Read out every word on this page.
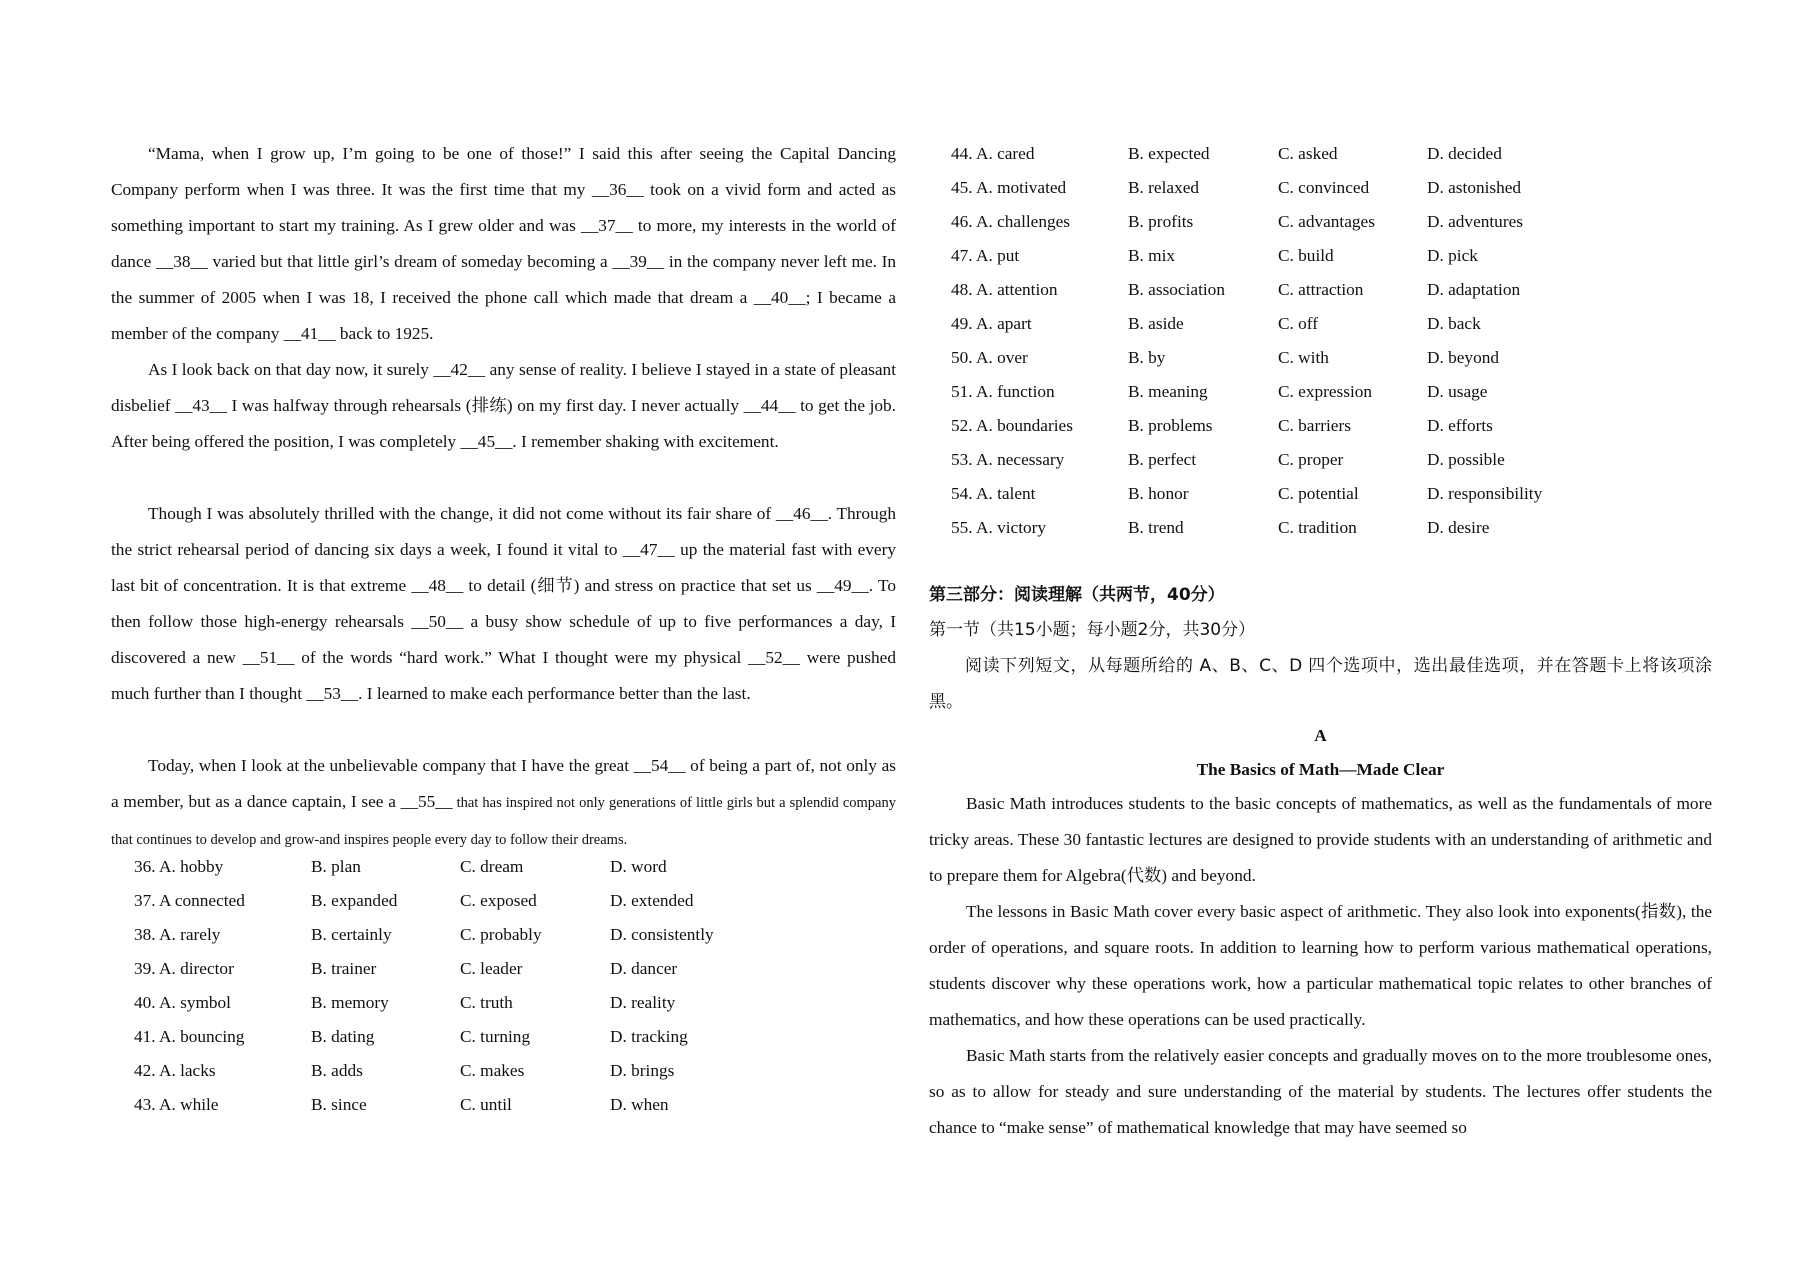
“Mama, when I grow up, I’m going to be one of those!” I said this after seeing the Capital Dancing Company perform when I was three. It was the first time that my __36__ took on a vivid form and acted as something important to start my training. As I grew older and was __37__ to more, my interests in the world of dance __38__ varied but that little girl’s dream of someday becoming a __39__ in the company never left me. In the summer of 2005 when I was 18, I received the phone call which made that dream a __40__; I became a member of the company __41__ back to 1925.

As I look back on that day now, it surely __42__ any sense of reality. I believe I stayed in a state of pleasant disbelief __43__ I was halfway through rehearsals (排练) on my first day. I never actually __44__ to get the job. After being offered the position, I was completely __45__. I remember shaking with excitement.

Though I was absolutely thrilled with the change, it did not come without its fair share of __46__. Through the strict rehearsal period of dancing six days a week, I found it vital to __47__ up the material fast with every last bit of concentration. It is that extreme __48__ to detail (细节) and stress on practice that set us __49__. To then follow those high-energy rehearsals __50__ a busy show schedule of up to five performances a day, I discovered a new __51__ of the words “hard work.” What I thought were my physical __52__ were pushed much further than I thought __53__. I learned to make each performance better than the last.

Today, when I look at the unbelievable company that I have the great __54__ of being a part of, not only as a member, but as a dance captain, I see a __55__ that has inspired not only generations of little girls but a splendid company that continues to develop and grow-and inspires people every day to follow their dreams.

36. A. hobby	B. plan	C. dream	D. word
37. A connected	B. expanded	C. exposed	D. extended
38. A. rarely	B. certainly	C. probably	D. consistently
39. A. director	B. trainer	C. leader	D. dancer
40. A. symbol	B. memory	C. truth	D. reality
41. A. bouncing	B. dating	C. turning	D. tracking
42. A. lacks	B. adds	C. makes	D. brings
43. A. while	B. since	C. until	D. when
44. A. cared	B. expected	C. asked	D. decided
45. A. motivated	B. relaxed	C. convinced	D. astonished
46. A. challenges	B. profits	C. advantages	D. adventures
47. A. put	B. mix	C. build	D. pick
48. A. attention	B. association	C. attraction	D. adaptation
49. A. apart	B. aside	C. off	D. back
50. A. over	B. by	C. with	D. beyond
51. A. function	B. meaning	C. expression	D. usage
52. A. boundaries	B. problems	C. barriers	D. efforts
53. A. necessary	B. perfect	C. proper	D. possible
54. A. talent	B. honor	C. potential	D. responsibility
55. A. victory	B. trend	C. tradition	D. desire
第三部分：阅读理解（共两节，40分）
第一节（共15小题；每小题2分，共30分）

阅读下列短文，从每题所给的 A、B、C、D 四个选项中，选出最佳选项，并在答题卡上将该项涂黑。

A
The Basics of Math—Made Clear

Basic Math introduces students to the basic concepts of mathematics, as well as the fundamentals of more tricky areas. These 30 fantastic lectures are designed to provide students with an understanding of arithmetic and to prepare them for Algebra(代数) and beyond.

The lessons in Basic Math cover every basic aspect of arithmetic. They also look into exponents(指数), the order of operations, and square roots. In addition to learning how to perform various mathematical operations, students discover why these operations work, how a particular mathematical topic relates to other branches of mathematics, and how these operations can be used practically.

Basic Math starts from the relatively easier concepts and gradually moves on to the more troublesome ones, so as to allow for steady and sure understanding of the material by students. The lectures offer students the chance to “make sense” of mathematical knowledge that may have seemed so
